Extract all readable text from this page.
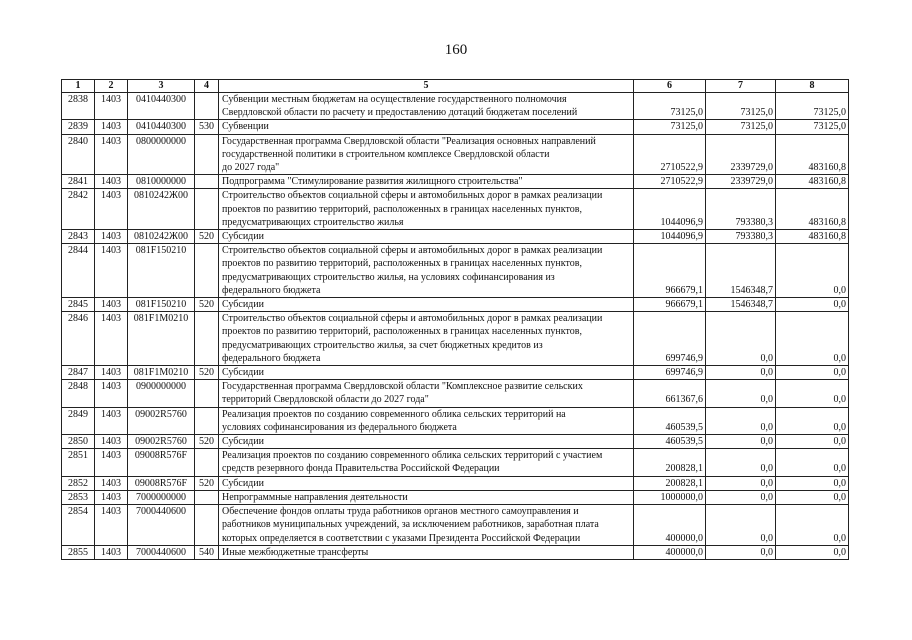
160
1	2	3	4	5	6	7	8
2838	1403	0410440300		Субвенции местным бюджетам на осуществление государственного полномочия
Свердловской области по расчету и предоставлению дотаций бюджетам поселений	73125,0	73125,0	73125,0
2839	1403	0410440300	530	Субвенции	73125,0	73125,0	73125,0
2840	1403	0800000000		Государственная программа Свердловской области "Реализация основных направлений
государственной политики в строительном комплексе Свердловской области
до 2027 года"	2710522,9	2339729,0	483160,8
2841	1403	0810000000		Подпрограмма "Стимулирование развития жилищного строительства"	2710522,9	2339729,0	483160,8
2842	1403	0810242Ж00		Строительство объектов социальной сферы и автомобильных дорог в рамках реализации
проектов по развитию территорий, расположенных в границах населенных пунктов,
предусматривающих строительство жилья	1044096,9	793380,3	483160,8
2843	1403	0810242Ж00	520	Субсидии	1044096,9	793380,3	483160,8
2844	1403	081F150210		Строительство объектов социальной сферы и автомобильных дорог в рамках реализации
проектов по развитию территорий, расположенных в границах населенных пунктов,
предусматривающих строительство жилья, на условиях софинансирования из
федерального бюджета	966679,1	1546348,7	0,0
2845	1403	081F150210	520	Субсидии	966679,1	1546348,7	0,0
2846	1403	081F1M0210		Строительство объектов социальной сферы и автомобильных дорог в рамках реализации
проектов по развитию территорий, расположенных в границах населенных пунктов,
предусматривающих строительство жилья, за счет бюджетных кредитов из
федерального бюджета	699746,9	0,0	0,0
2847	1403	081F1M0210	520	Субсидии	699746,9	0,0	0,0
2848	1403	0900000000		Государственная программа Свердловской области "Комплексное развитие сельских
территорий Свердловской области до 2027 года"	661367,6	0,0	0,0
2849	1403	09002R5760		Реализация проектов по созданию современного облика сельских территорий на
условиях софинансирования из федерального бюджета	460539,5	0,0	0,0
2850	1403	09002R5760	520	Субсидии	460539,5	0,0	0,0
2851	1403	09008R576F		Реализация проектов по созданию современного облика сельских территорий с участием
средств резервного фонда Правительства Российской Федерации	200828,1	0,0	0,0
2852	1403	09008R576F	520	Субсидии	200828,1	0,0	0,0
2853	1403	7000000000		Непрограммные направления деятельности	1000000,0	0,0	0,0
2854	1403	7000440600		Обеспечение фондов оплаты труда работников органов местного самоуправления и
работников муниципальных учреждений, за исключением работников, заработная плата
которых определяется в соответствии с указами Президента Российской Федерации	400000,0	0,0	0,0
2855	1403	7000440600	540	Иные межбюджетные трансферты	400000,0	0,0	0,0
